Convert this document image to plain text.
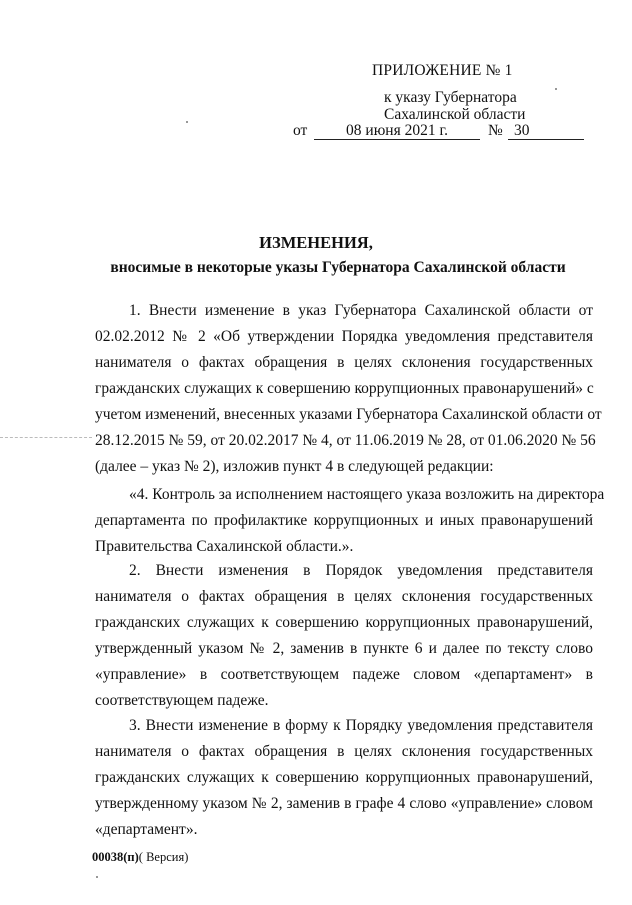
ПРИЛОЖЕНИЕ № 1
к указу Губернатора
Сахалинской области
от	08 июня 2021 г.	№ 30
ИЗМЕНЕНИЯ,
вносимые в некоторые указы Губернатора Сахалинской области
1. Внести изменение в указ Губернатора Сахалинской области от
02.02.2012 № 2 «Об утверждении Порядка уведомления представителя
нанимателя о фактах обращения в целях склонения государственных
гражданских служащих к совершению коррупционных правонарушений» с
учетом изменений, внесенных указами Губернатора Сахалинской области от
28.12.2015 № 59, от 20.02.2017 № 4, от 11.06.2019 № 28, от 01.06.2020 № 56
(далее – указ № 2), изложив пункт 4 в следующей редакции:
«4. Контроль за исполнением настоящего указа возложить на директора
департамента по профилактике коррупционных и иных правонарушений
Правительства Сахалинской области.».
2. Внести изменения в Порядок уведомления представителя
нанимателя о фактах обращения в целях склонения государственных
гражданских служащих к совершению коррупционных правонарушений,
утвержденный указом № 2, заменив в пункте 6 и далее по тексту слово
«управление» в соответствующем падеже словом «департамент» в
соответствующем падеже.
3. Внести изменение в форму к Порядку уведомления представителя
нанимателя о фактах обращения в целях склонения государственных
гражданских служащих к совершению коррупционных правонарушений,
утвержденному указом № 2, заменив в графе 4 слово «управление» словом
«департамент».
00038(п)( Версия)
